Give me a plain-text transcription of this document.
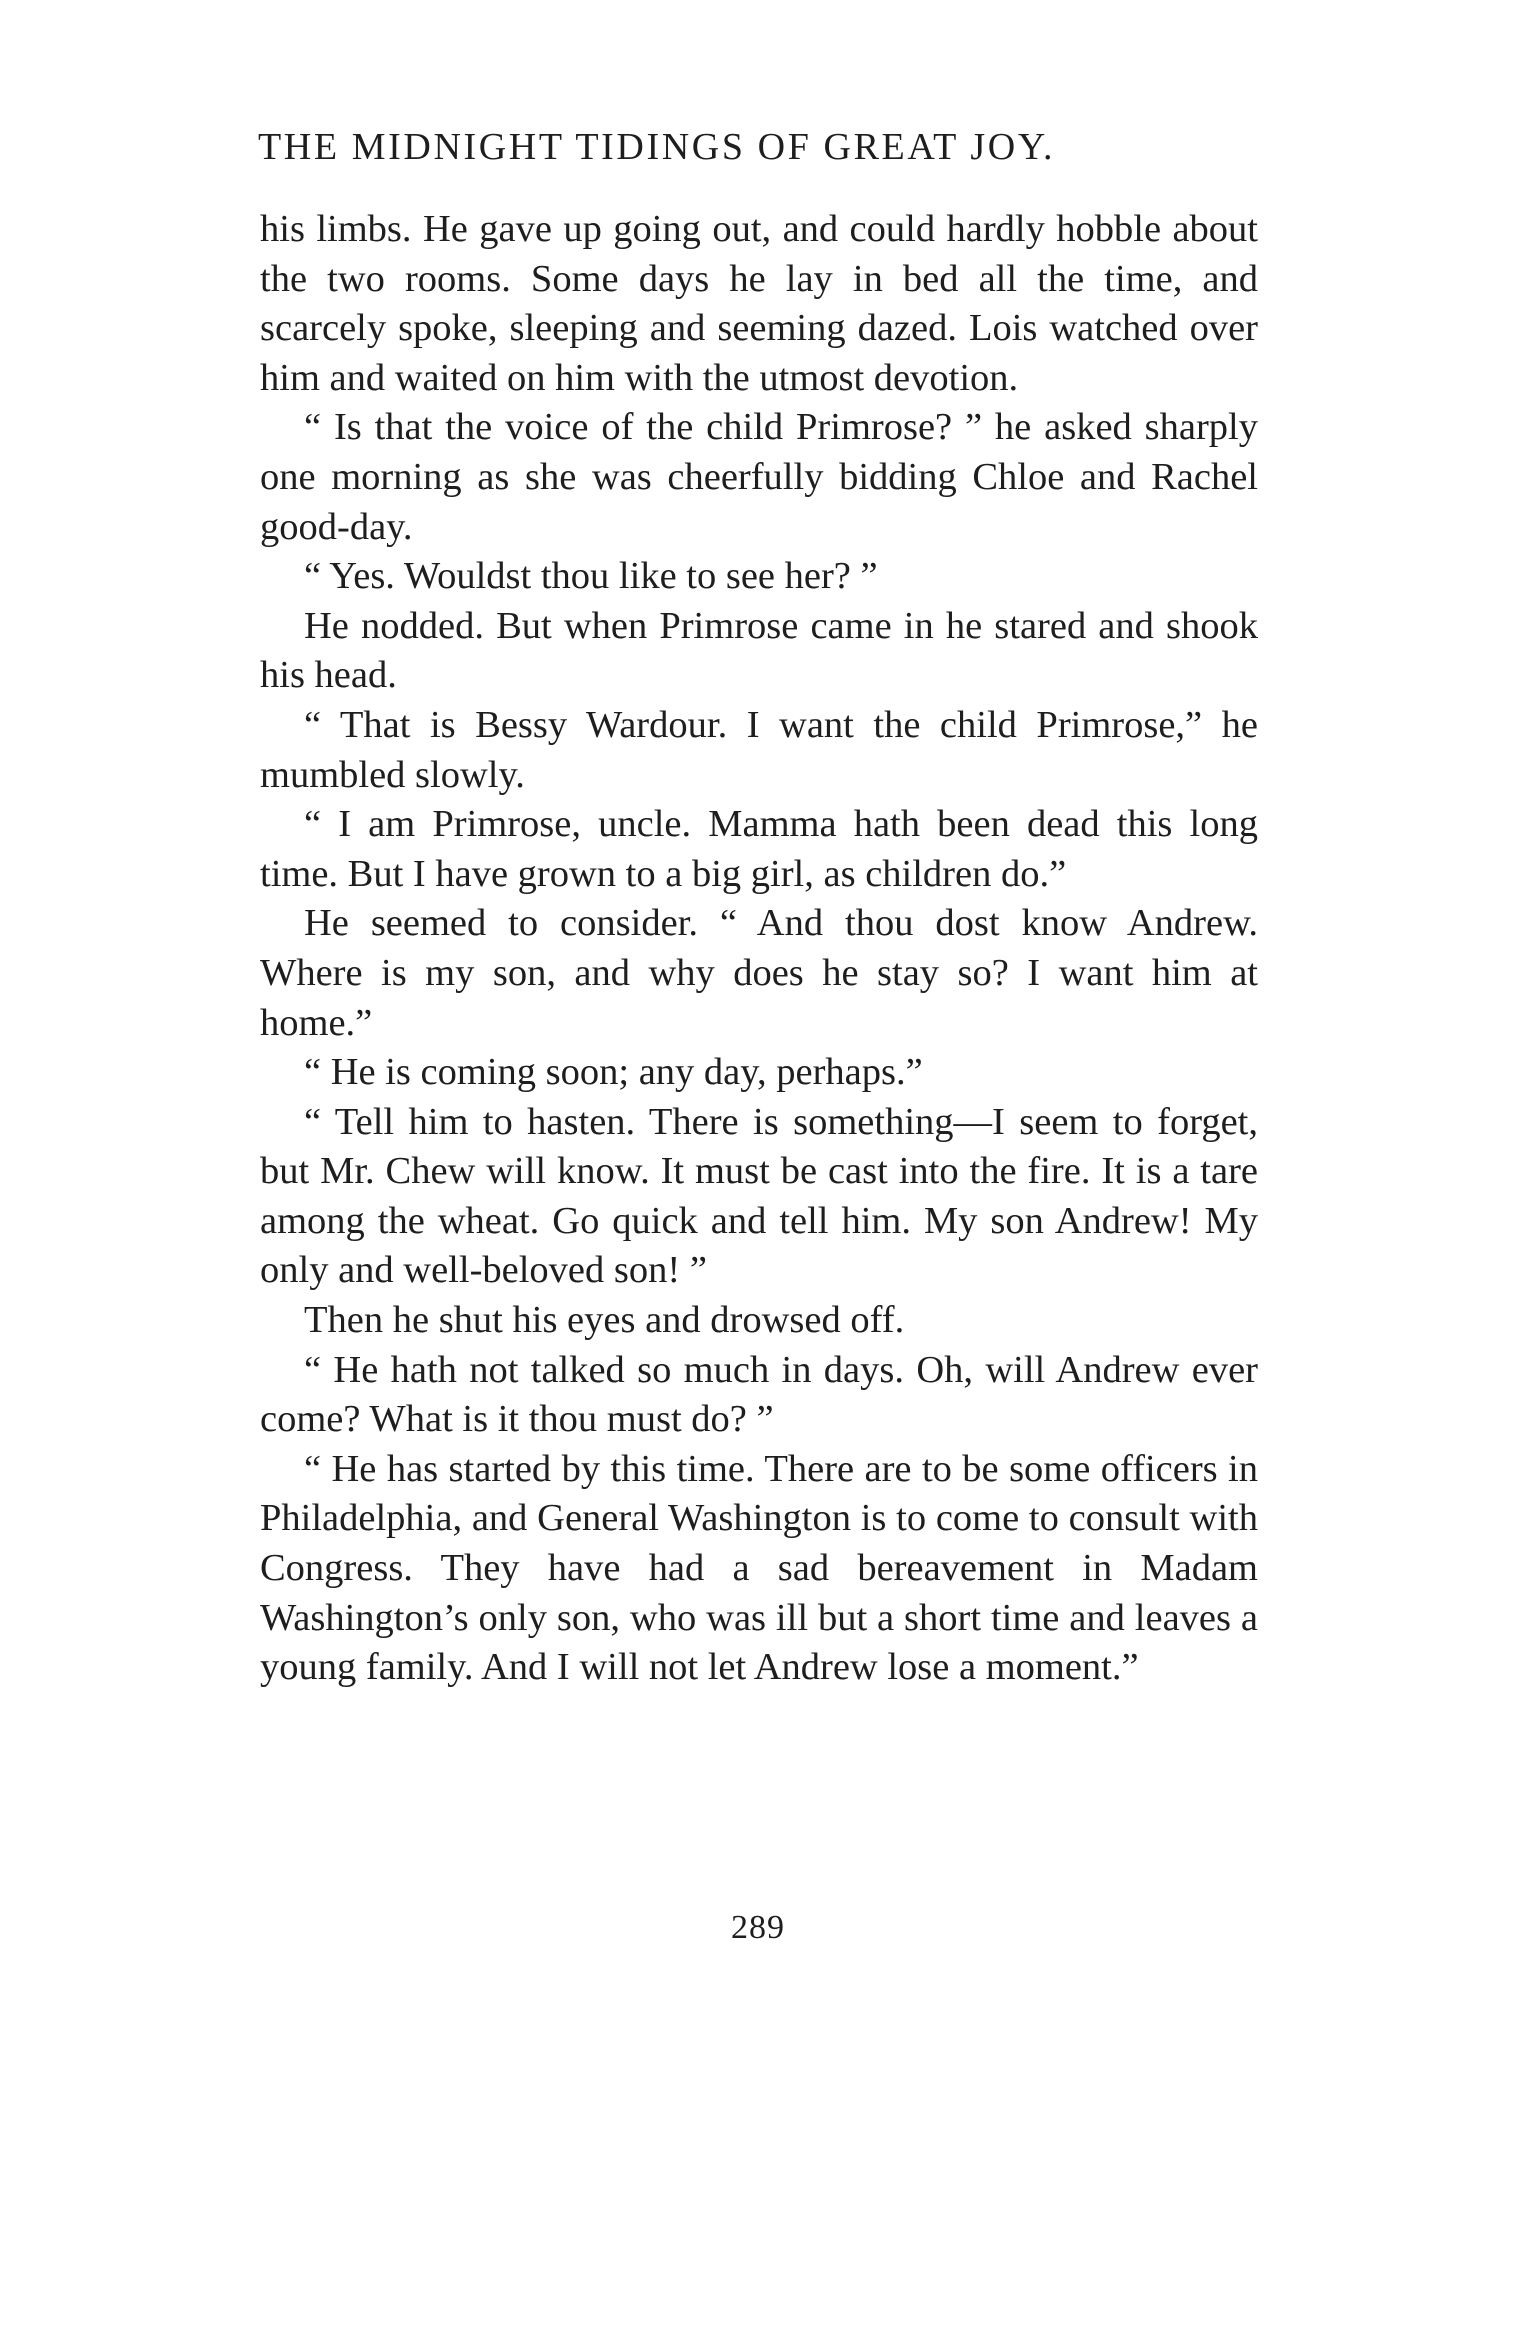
THE MIDNIGHT TIDINGS OF GREAT JOY.

his limbs. He gave up going out, and could hardly hobble about the two rooms. Some days he lay in bed all the time, and scarcely spoke, sleeping and seeming dazed. Lois watched over him and waited on him with the utmost devotion.

“ Is that the voice of the child Primrose? ” he asked sharply one morning as she was cheerfully bidding Chloe and Rachel good-day.

“ Yes. Wouldst thou like to see her? ”

He nodded. But when Primrose came in he stared and shook his head.

“ That is Bessy Wardour. I want the child Primrose,” he mumbled slowly.

“ I am Primrose, uncle. Mamma hath been dead this long time. But I have grown to a big girl, as children do.”

He seemed to consider. “ And thou dost know Andrew. Where is my son, and why does he stay so? I want him at home.”

“ He is coming soon; any day, perhaps.”

“ Tell him to hasten. There is something—I seem to forget, but Mr. Chew will know. It must be cast into the fire. It is a tare among the wheat. Go quick and tell him. My son Andrew! My only and well-beloved son! ”

Then he shut his eyes and drowsed off.

“ He hath not talked so much in days. Oh, will Andrew ever come? What is it thou must do? ”

“ He has started by this time. There are to be some officers in Philadelphia, and General Washington is to come to consult with Congress. They have had a sad bereavement in Madam Washington’s only son, who was ill but a short time and leaves a young family. And I will not let Andrew lose a moment.”

289
